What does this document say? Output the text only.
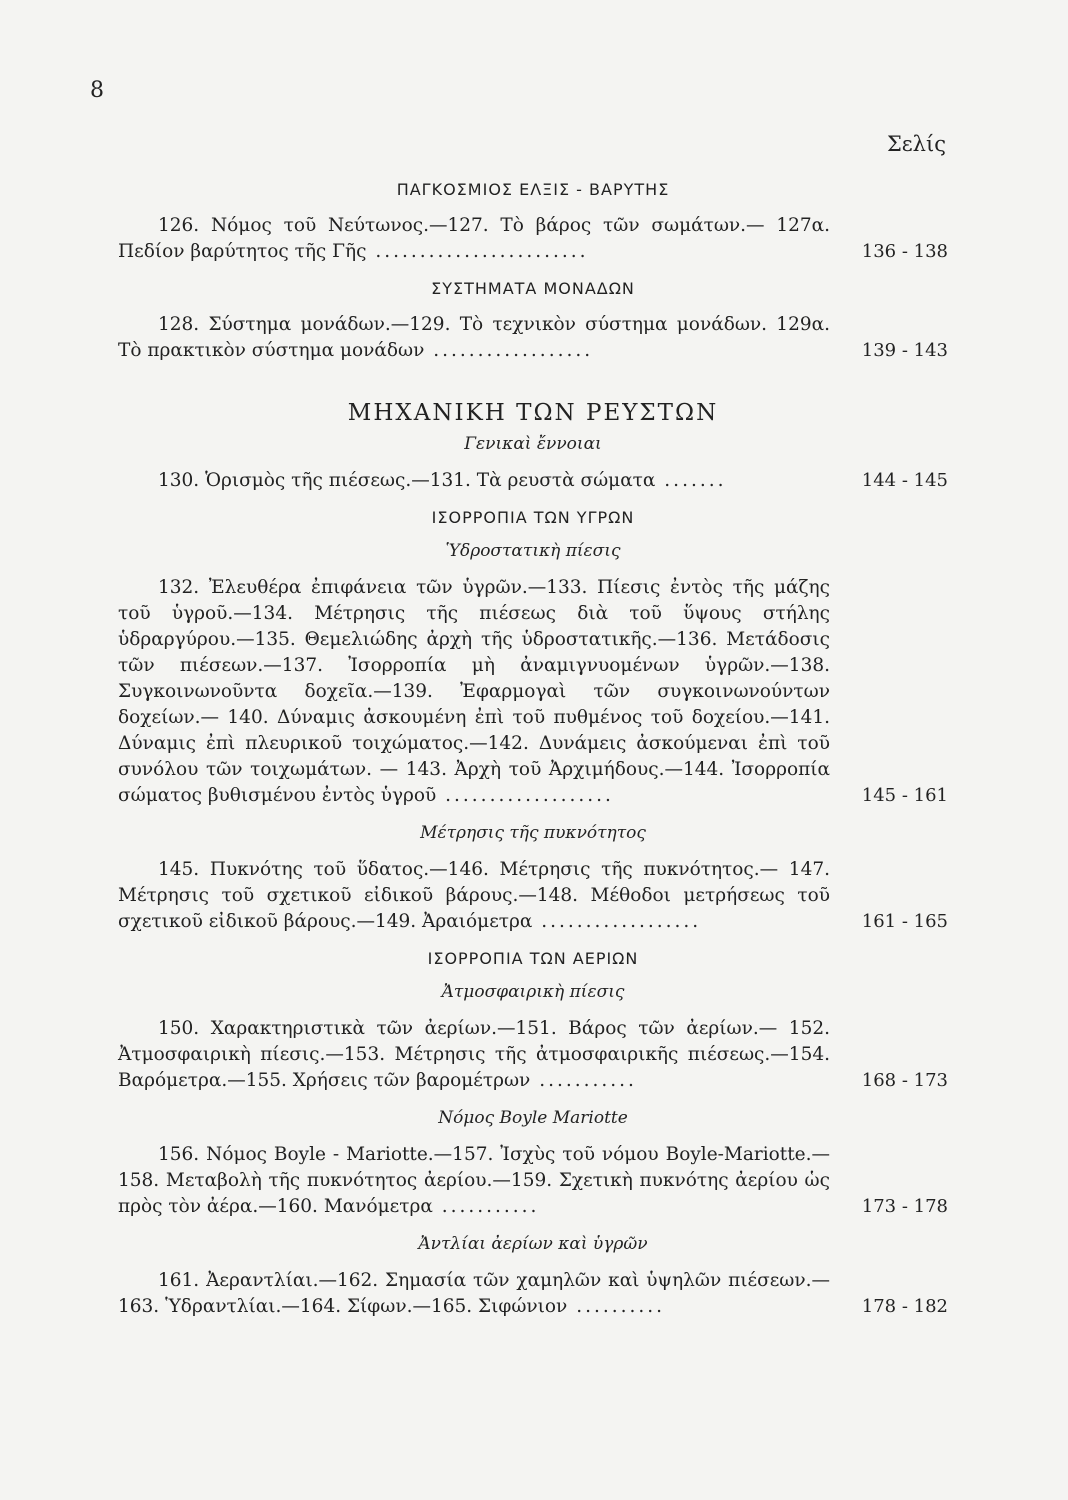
8
Σελίς
ΠΑΓΚΟΣΜΙΟΣ ΕΛΞΙΣ - ΒΑΡΥΤΗΣ
126. Νόμος τοῦ Νεύτωνος.—127. Τὸ βάρος τῶν σωμάτων.— 127α. Πεδίον βαρύτητος τῆς Γῆς ........................	136 - 138
ΣΥΣΤΗΜΑΤΑ ΜΟΝΑΔΩΝ
128. Σύστημα μονάδων.—129. Τὸ τεχνικὸν σύστημα μονάδων. 129α. Τὸ πρακτικὸν σύστημα μονάδων ..................	139 - 143
ΜΗΧΑΝΙΚΗ ΤΩΝ ΡΕΥΣΤΩΝ
Γενικαὶ ἔννοιαι
130. Ὁρισμὸς τῆς πιέσεως.—131. Τὰ ρευστὰ σώματα .......	144 - 145
ΙΣΟΡΡΟΠΙΑ ΤΩΝ ΥΓΡΩΝ
Ὑδροστατικὴ πίεσις
132. Ἐλευθέρα ἐπιφάνεια τῶν ὑγρῶν.—133. Πίεσις ἐντὸς τῆς μάζης τοῦ ὑγροῦ.—134. Μέτρησις τῆς πιέσεως διὰ τοῦ ὕψους στήλης ὑδραργύρου.—135. Θεμελιώδης ἀρχὴ τῆς ὑδροστατικῆς.—136. Μετάδοσις τῶν πιέσεων.—137. Ἰσορροπία μὴ ἀναμιγνυομένων ὑγρῶν.—138. Συγκοινωνοῦντα δοχεῖα.—139. Ἐφαρμογαὶ τῶν συγκοινωνούντων δοχείων.— 140. Δύναμις ἀσκουμένη ἐπὶ τοῦ πυθμένος τοῦ δοχείου.—141. Δύναμις ἐπὶ πλευρικοῦ τοιχώματος.—142. Δυνάμεις ἀσκούμεναι ἐπὶ τοῦ συνόλου τῶν τοιχωμάτων. — 143. Ἀρχὴ τοῦ Ἀρχιμήδους.—144. Ἰσορροπία σώματος βυθισμένου ἐντὸς ὑγροῦ ...................	145 - 161
Μέτρησις τῆς πυκνότητος
145. Πυκνότης τοῦ ὕδατος.—146. Μέτρησις τῆς πυκνότητος.— 147. Μέτρησις τοῦ σχετικοῦ εἰδικοῦ βάρους.—148. Μέθοδοι μετρήσεως τοῦ σχετικοῦ εἰδικοῦ βάρους.—149. Ἀραιόμετρα ..................	161 - 165
ΙΣΟΡΡΟΠΙΑ ΤΩΝ ΑΕΡΙΩΝ
Ἀτμοσφαιρικὴ πίεσις
150. Χαρακτηριστικὰ τῶν ἀερίων.—151. Βάρος τῶν ἀερίων.— 152. Ἀτμοσφαιρικὴ πίεσις.—153. Μέτρησις τῆς ἀτμοσφαιρικῆς πιέσεως.—154. Βαρόμετρα.—155. Χρήσεις τῶν βαρομέτρων ...........	168 - 173
Νόμος Boyle Mariotte
156. Νόμος Boyle - Mariotte.—157. Ἰσχὺς τοῦ νόμου Boyle-Mariotte.—158. Μεταβολὴ τῆς πυκνότητος ἀερίου.—159. Σχετικὴ πυκνότης ἀερίου ὡς πρὸς τὸν ἀέρα.—160. Μανόμετρα ...........	173 - 178
Ἀντλίαι ἀερίων καὶ ὑγρῶν
161. Ἀεραντλίαι.—162. Σημασία τῶν χαμηλῶν καὶ ὑψηλῶν πιέσεων.—163. Ὑδραντλίαι.—164. Σίφων.—165. Σιφώνιον ..........	178 - 182
